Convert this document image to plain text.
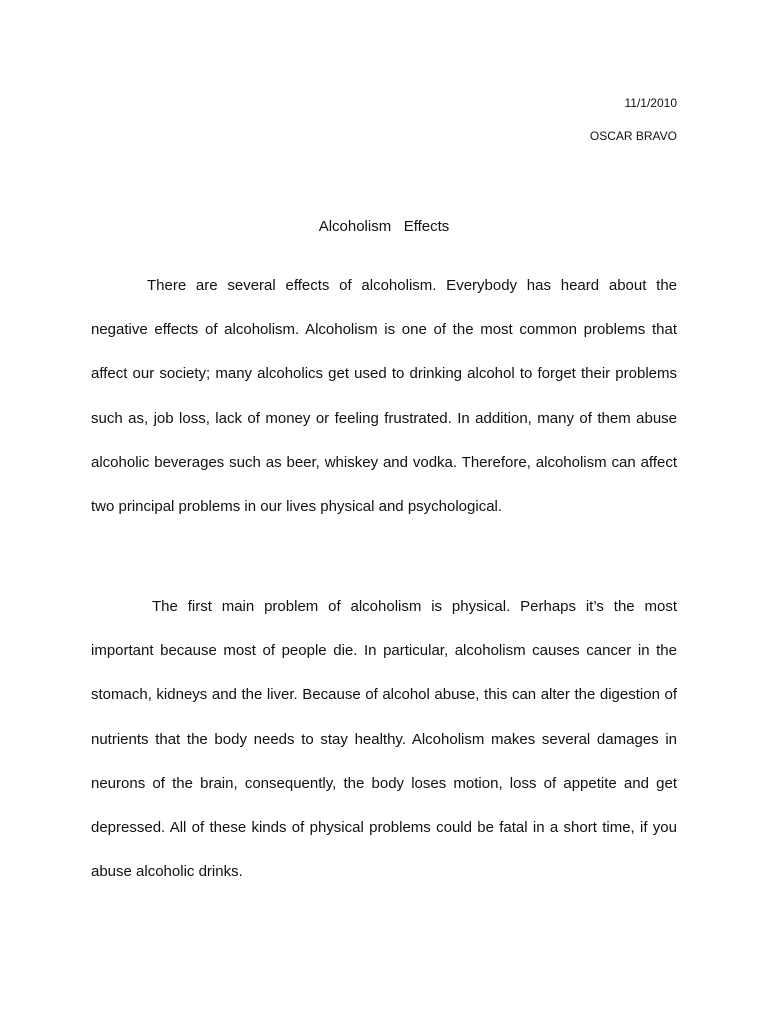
11/1/2010
OSCAR BRAVO
Alcoholism   Effects

There are several effects of alcoholism. Everybody has heard about the negative effects of alcoholism. Alcoholism is one of the most common problems that affect our society; many alcoholics get used to drinking alcohol to forget their problems such as, job loss, lack of money or feeling frustrated. In addition, many of them abuse alcoholic beverages such as beer, whiskey and vodka. Therefore, alcoholism can affect two principal problems in our lives physical and psychological.

The first main problem of alcoholism is physical. Perhaps it’s the most important because most of people die. In particular, alcoholism causes cancer in the stomach, kidneys and the liver. Because of alcohol abuse, this can alter the digestion of nutrients that the body needs to stay healthy. Alcoholism makes several damages in neurons of the brain, consequently, the body loses motion, loss of appetite and get depressed. All of these kinds of physical problems could be fatal in a short time, if you abuse alcoholic drinks.
